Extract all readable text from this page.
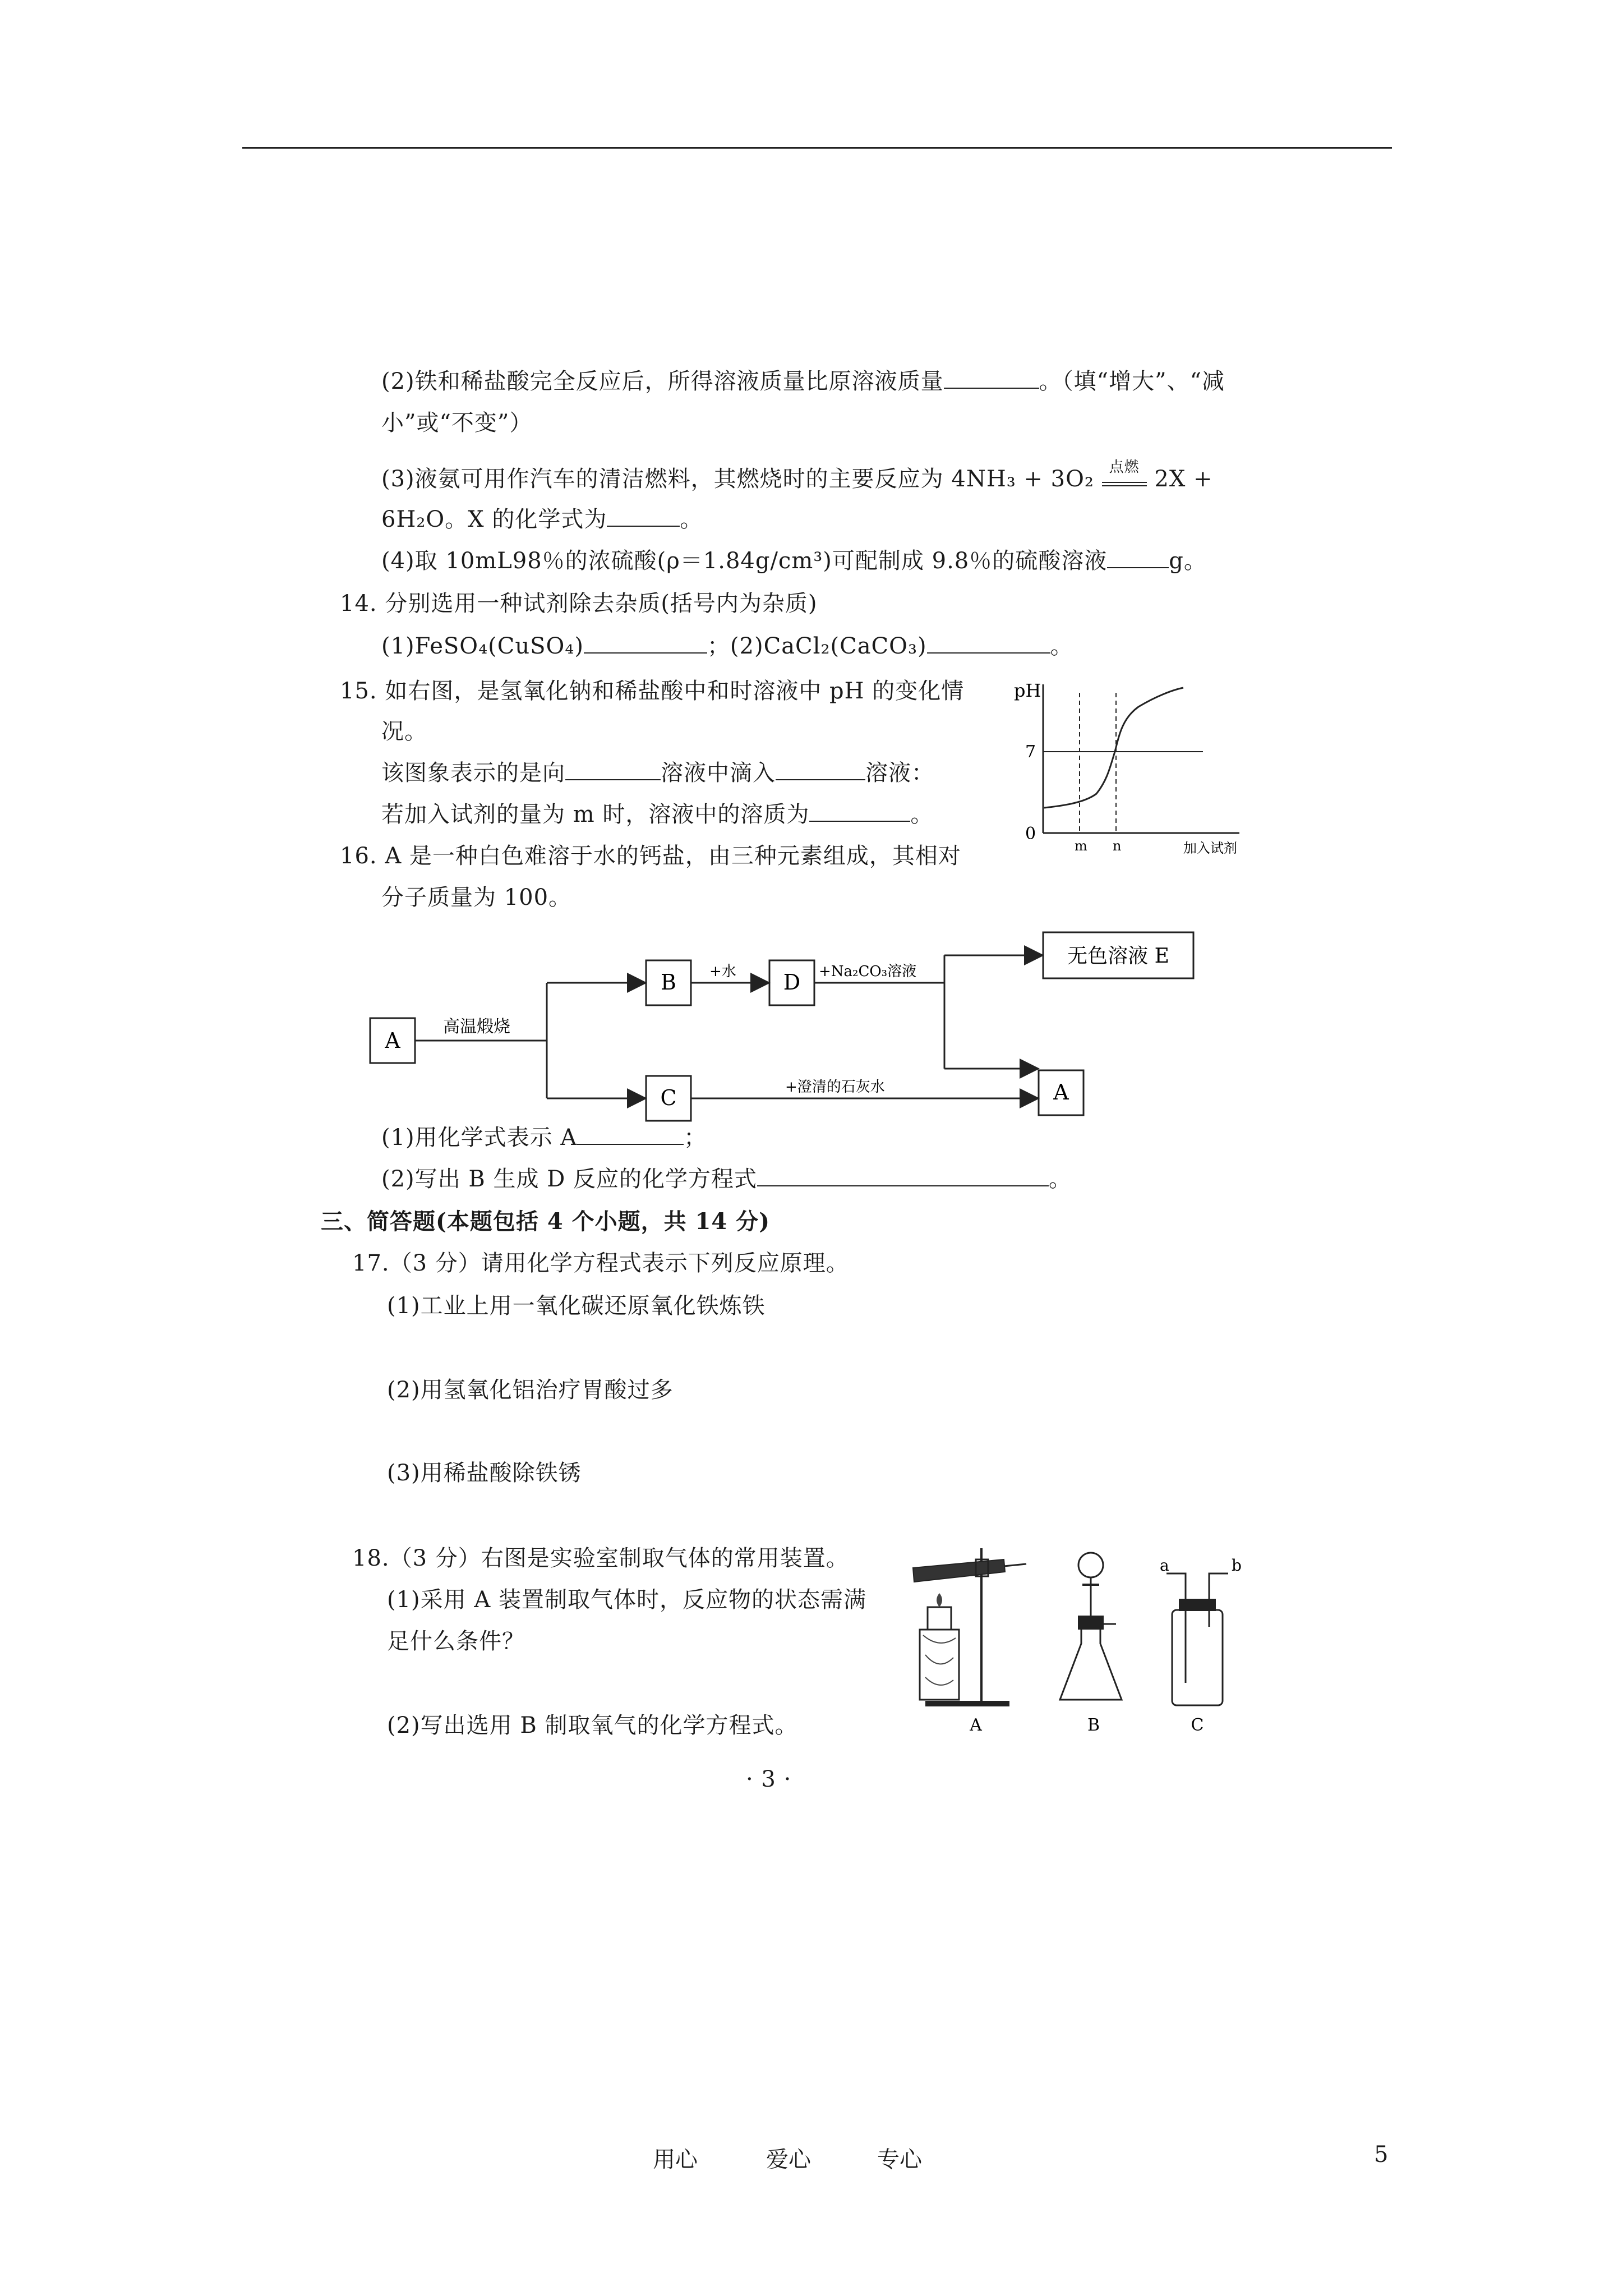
(2)铁和稀盐酸完全反应后，所得溶液质量比原溶液质量	。（填“增大”、“减
小”或“不变”）
(3)液氨可用作汽车的清洁燃料，其燃烧时的主要反应为 4NH₃ + 3O₂	点燃 2X +
6H₂O。X 的化学式为	。
(4)取 10mL98％的浓硫酸(ρ＝1.84g/cm³)可配制成 9.8％的硫酸溶液	g。
14. 分别选用一种试剂除去杂质(括号内为杂质)
(1)FeSO₄(CuSO₄)	；(2)CaCl₂(CaCO₃)	。
15. 如右图，是氢氧化钠和稀盐酸中和时溶液中 pH 的变化情
况。
该图象表示的是向	溶液中滴入	溶液：
若加入试剂的量为 m 时，溶液中的溶质为	。
pH
7
0
m n	加入试剂
16. A 是一种白色难溶于水的钙盐，由三种元素组成，其相对
分子质量为 100。
A
B	D
C
无色溶液 E
A
高温煅烧
+水	+Na₂CO₃溶液
+澄清的石灰水
(1)用化学式表示 A	；
(2)写出 B 生成 D 反应的化学方程式	。
三、简答题(本题包括 4 个小题，共 14 分)
17.（3 分）请用化学方程式表示下列反应原理。
(1)工业上用一氧化碳还原氧化铁炼铁
(2)用氢氧化铝治疗胃酸过多
(3)用稀盐酸除铁锈
18.（3 分）右图是实验室制取气体的常用装置。
(1)采用 A 装置制取气体时，反应物的状态需满
足什么条件？
(2)写出选用 B 制取氧气的化学方程式。	A	B
a	b
C
· 3 ·
用心	爱心	专心	5
